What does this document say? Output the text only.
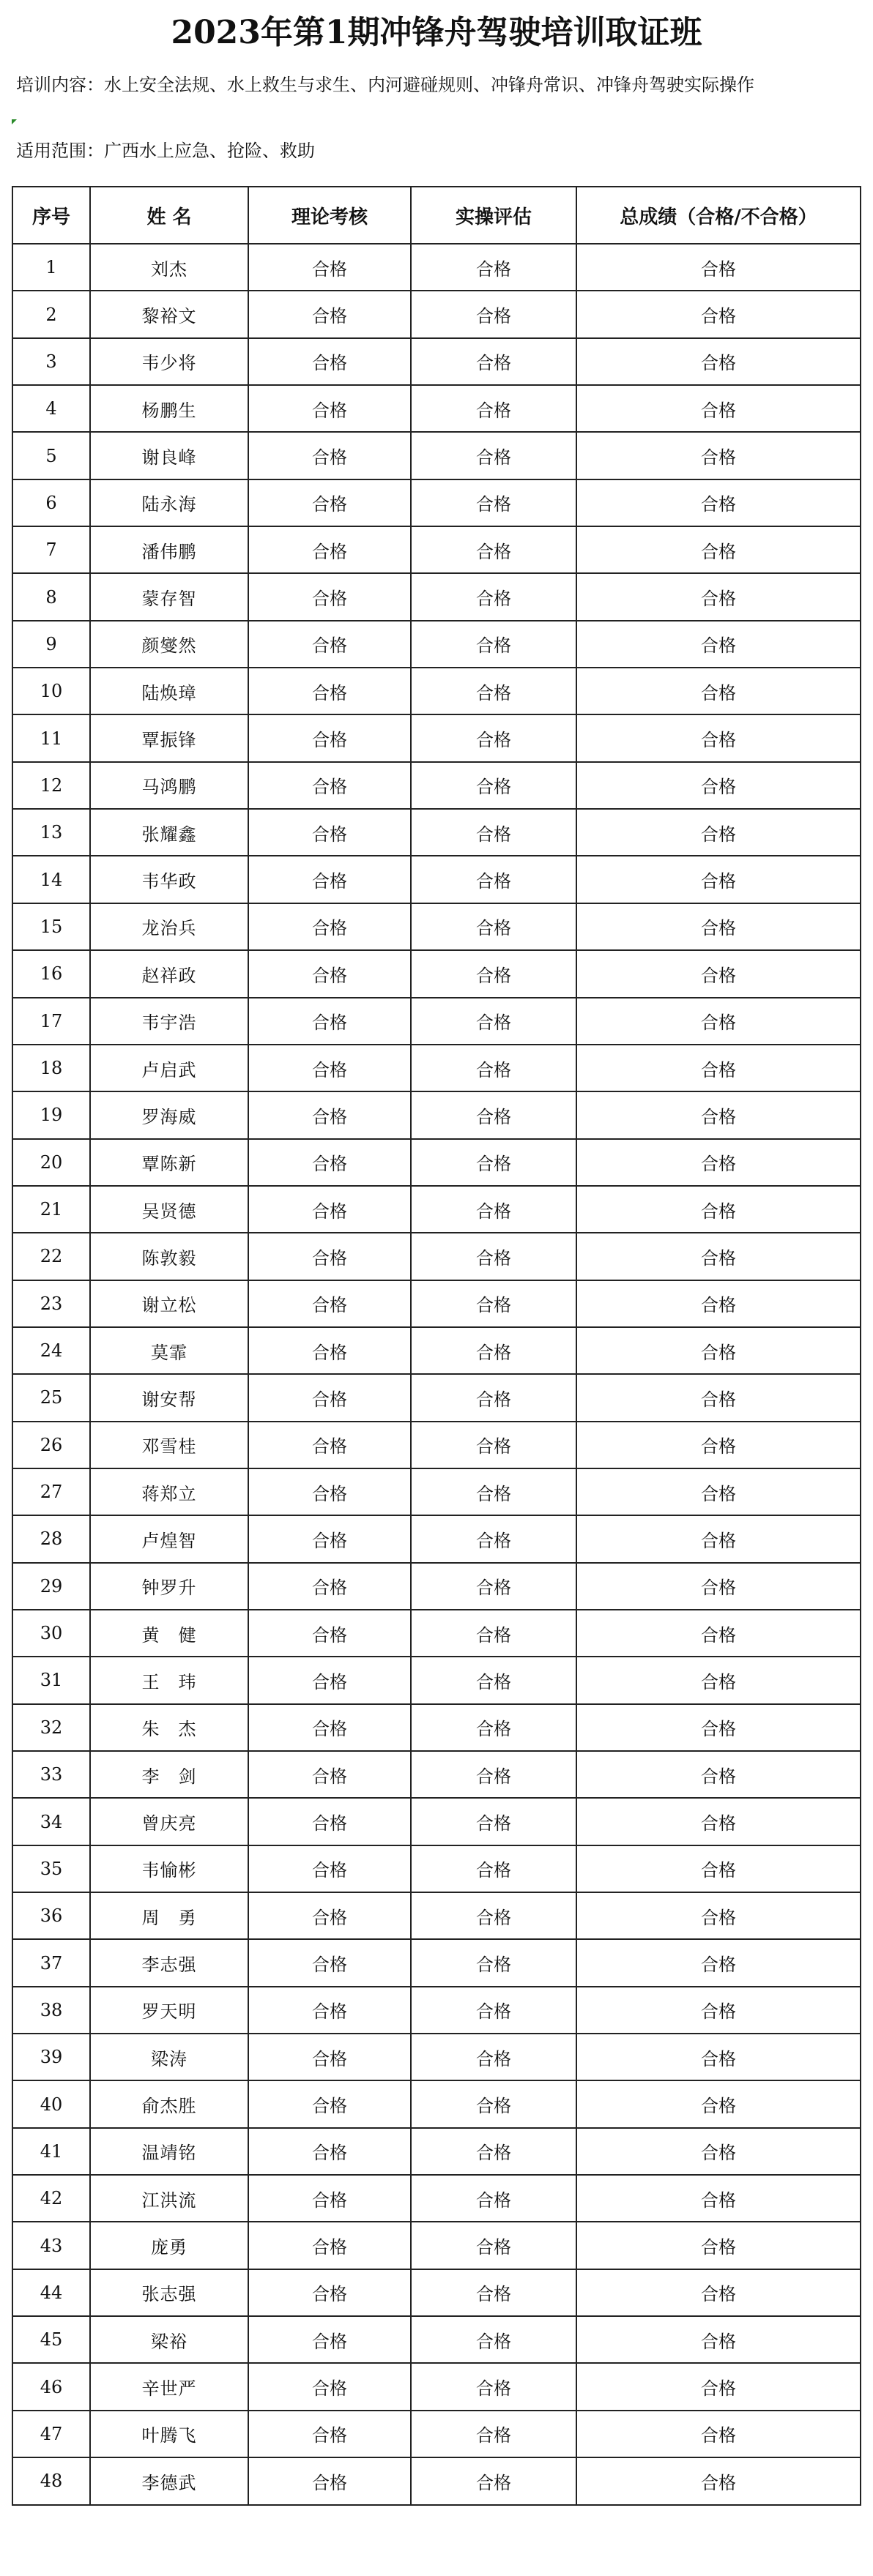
2023年第1期冲锋舟驾驶培训取证班
培训内容：水上安全法规、水上救生与求生、内河避碰规则、冲锋舟常识、冲锋舟驾驶实际操作
适用范围：广西水上应急、抢险、救助
序号	姓 名	理论考核	实操评估	总成绩（合格/不合格）
1	刘杰	合格	合格	合格
2	黎裕文	合格	合格	合格
3	韦少将	合格	合格	合格
4	杨鹏生	合格	合格	合格
5	谢良峰	合格	合格	合格
6	陆永海	合格	合格	合格
7	潘伟鹏	合格	合格	合格
8	蒙存智	合格	合格	合格
9	颜燮然	合格	合格	合格
10	陆焕璋	合格	合格	合格
11	覃振锋	合格	合格	合格
12	马鸿鹏	合格	合格	合格
13	张耀鑫	合格	合格	合格
14	韦华政	合格	合格	合格
15	龙治兵	合格	合格	合格
16	赵祥政	合格	合格	合格
17	韦宇浩	合格	合格	合格
18	卢启武	合格	合格	合格
19	罗海威	合格	合格	合格
20	覃陈新	合格	合格	合格
21	吴贤德	合格	合格	合格
22	陈敦毅	合格	合格	合格
23	谢立松	合格	合格	合格
24	莫霏	合格	合格	合格
25	谢安帮	合格	合格	合格
26	邓雪桂	合格	合格	合格
27	蒋郑立	合格	合格	合格
28	卢煌智	合格	合格	合格
29	钟罗升	合格	合格	合格
30	黄　健	合格	合格	合格
31	王　玮	合格	合格	合格
32	朱　杰	合格	合格	合格
33	李　剑	合格	合格	合格
34	曾庆亮	合格	合格	合格
35	韦愉彬	合格	合格	合格
36	周　勇	合格	合格	合格
37	李志强	合格	合格	合格
38	罗天明	合格	合格	合格
39	梁涛	合格	合格	合格
40	俞杰胜	合格	合格	合格
41	温靖铭	合格	合格	合格
42	江洪流	合格	合格	合格
43	庞勇	合格	合格	合格
44	张志强	合格	合格	合格
45	梁裕	合格	合格	合格
46	辛世严	合格	合格	合格
47	叶腾飞	合格	合格	合格
48	李德武	合格	合格	合格
